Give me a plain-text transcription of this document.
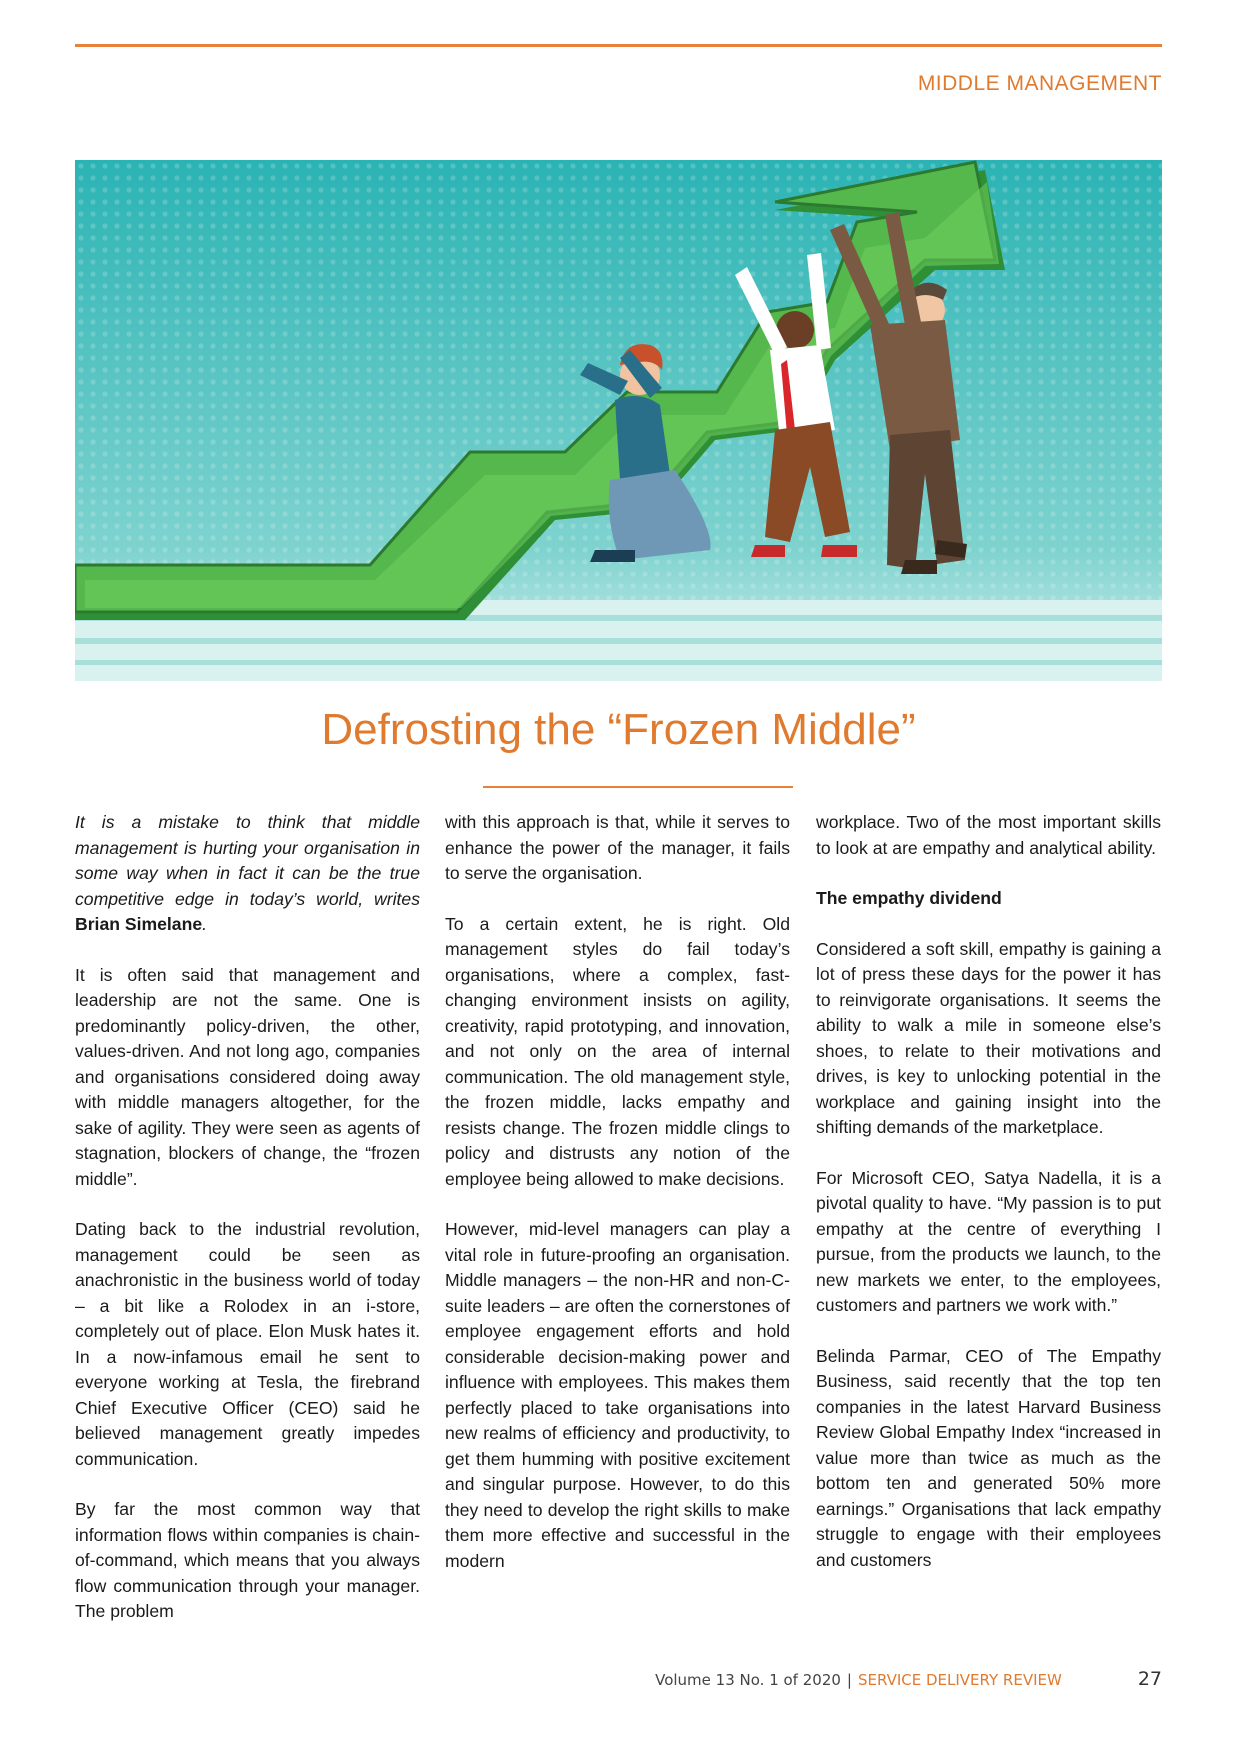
MIDDLE MANAGEMENT
Defrosting the “Frozen Middle”

It is a mistake to think that middle management is hurting your organisation in some way when in fact it can be the true competitive edge in today’s world, writes Brian Simelane.

It is often said that management and leadership are not the same. One is predominantly policy-driven, the other, values-driven. And not long ago, companies and organisations considered doing away with middle managers altogether, for the sake of agility. They were seen as agents of stagnation, blockers of change, the “frozen middle”.

Dating back to the industrial revolution, management could be seen as anachronistic in the business world of today – a bit like a Rolodex in an i-store, completely out of place. Elon Musk hates it. In a now-infamous email he sent to everyone working at Tesla, the firebrand Chief Executive Officer (CEO) said he believed management greatly impedes communication.

By far the most common way that information flows within companies is chain-of-command, which means that you always flow communication through your manager. The problem

with this approach is that, while it serves to enhance the power of the manager, it fails to serve the organisation.

To a certain extent, he is right. Old management styles do fail today’s organisations, where a complex, fast-changing environment insists on agility, creativity, rapid prototyping, and innovation, and not only on the area of internal communication. The old management style, the frozen middle, lacks empathy and resists change. The frozen middle clings to policy and distrusts any notion of the employee being allowed to make decisions.

However, mid-level managers can play a vital role in future-proofing an organisation. Middle managers – the non-HR and non-C-suite leaders – are often the cornerstones of employee engagement efforts and hold considerable decision-making power and influence with employees. This makes them perfectly placed to take organisations into new realms of efficiency and productivity, to get them humming with positive excitement and singular purpose. However, to do this they need to develop the right skills to make them more effective and successful in the modern

workplace. Two of the most important skills to look at are empathy and analytical ability.

The empathy dividend

Considered a soft skill, empathy is gaining a lot of press these days for the power it has to reinvigorate organisations. It seems the ability to walk a mile in someone else’s shoes, to relate to their motivations and drives, is key to unlocking potential in the workplace and gaining insight into the shifting demands of the marketplace.

For Microsoft CEO, Satya Nadella, it is a pivotal quality to have. “My passion is to put empathy at the centre of everything I pursue, from the products we launch, to the new markets we enter, to the employees, customers and partners we work with.”

Belinda Parmar, CEO of The Empathy Business, said recently that the top ten companies in the latest Harvard Business Review Global Empathy Index “increased in value more than twice as much as the bottom ten and generated 50% more earnings.” Organisations that lack empathy struggle to engage with their employees and customers

Volume 13 No. 1 of 2020 | SERVICE DELIVERY REVIEW	27
